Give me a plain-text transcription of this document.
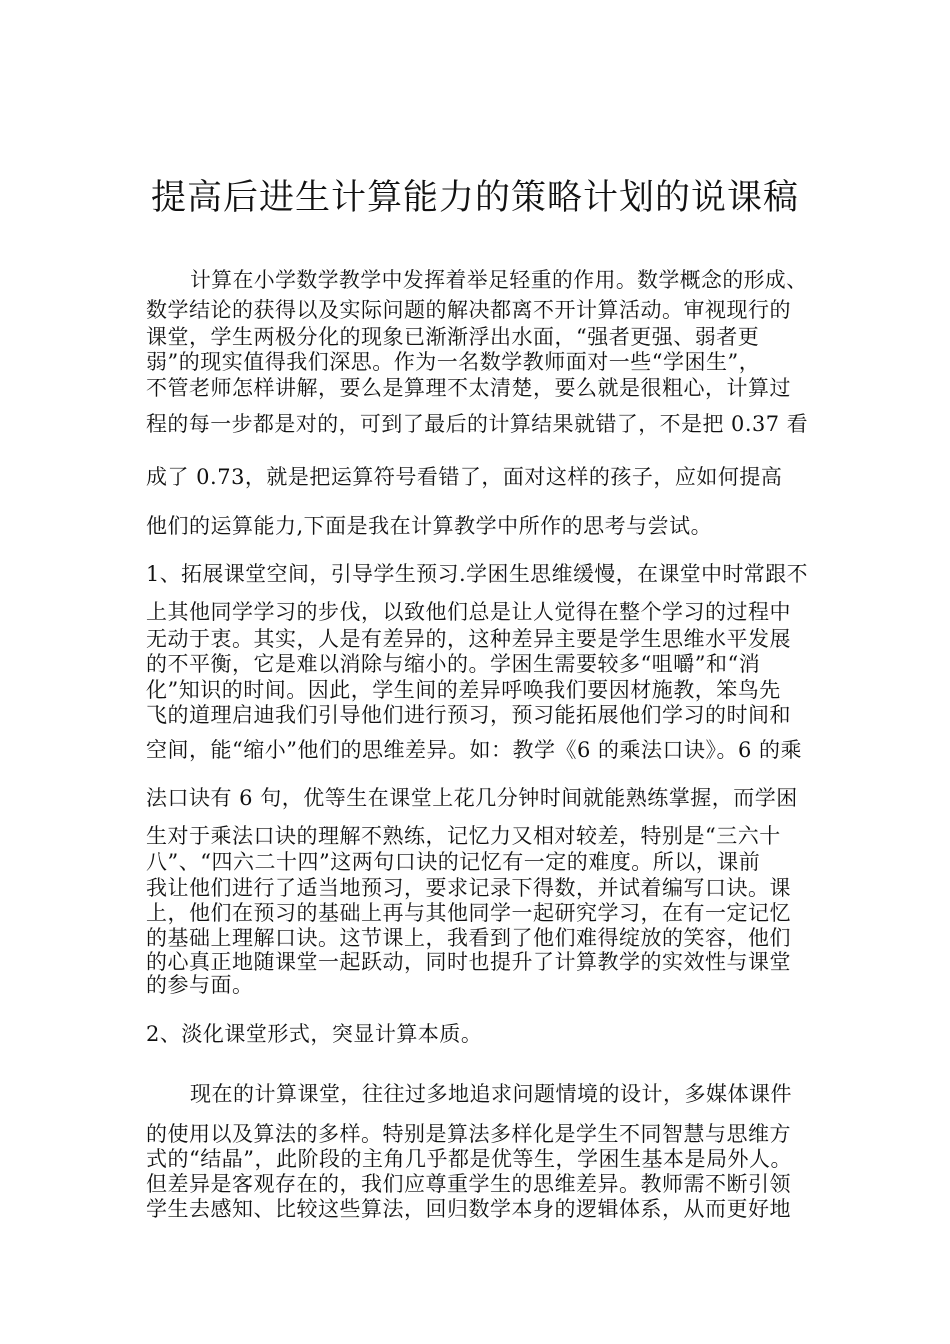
提高后进生计算能力的策略计划的说课稿
计算在小学数学教学中发挥着举足轻重的作用。数学概念的形成、
数学结论的获得以及实际问题的解决都离不开计算活动。审视现行的
课堂，学生两极分化的现象已渐渐浮出水面，“强者更强、弱者更
弱”的现实值得我们深思。作为一名数学教师面对一些“学困生”，
不管老师怎样讲解，要么是算理不太清楚，要么就是很粗心，计算过
程的每一步都是对的，可到了最后的计算结果就错了，不是把 0.37 看
成了 0.73，就是把运算符号看错了，面对这样的孩子，应如何提高
他们的运算能力,下面是我在计算教学中所作的思考与尝试。
1、拓展课堂空间，引导学生预习.学困生思维缓慢，在课堂中时常跟不
上其他同学学习的步伐，以致他们总是让人觉得在整个学习的过程中
无动于衷。其实，人是有差异的，这种差异主要是学生思维水平发展
的不平衡，它是难以消除与缩小的。学困生需要较多“咀嚼”和“消
化”知识的时间。因此，学生间的差异呼唤我们要因材施教，笨鸟先
飞的道理启迪我们引导他们进行预习，预习能拓展他们学习的时间和
空间，能“缩小”他们的思维差异。如：教学《6 的乘法口诀》。6 的乘
法口诀有 6 句，优等生在课堂上花几分钟时间就能熟练掌握，而学困
生对于乘法口诀的理解不熟练，记忆力又相对较差，特别是“三六十
八”、“四六二十四”这两句口诀的记忆有一定的难度。所以，课前
我让他们进行了适当地预习，要求记录下得数，并试着编写口诀。课
上，他们在预习的基础上再与其他同学一起研究学习，在有一定记忆
的基础上理解口诀。这节课上，我看到了他们难得绽放的笑容，他们
的心真正地随课堂一起跃动，同时也提升了计算教学的实效性与课堂
的参与面。
2、淡化课堂形式，突显计算本质。
现在的计算课堂，往往过多地追求问题情境的设计，多媒体课件
的使用以及算法的多样。特别是算法多样化是学生不同智慧与思维方
式的“结晶”，此阶段的主角几乎都是优等生，学困生基本是局外人。
但差异是客观存在的，我们应尊重学生的思维差异。教师需不断引领
学生去感知、比较这些算法，回归数学本身的逻辑体系，从而更好地
